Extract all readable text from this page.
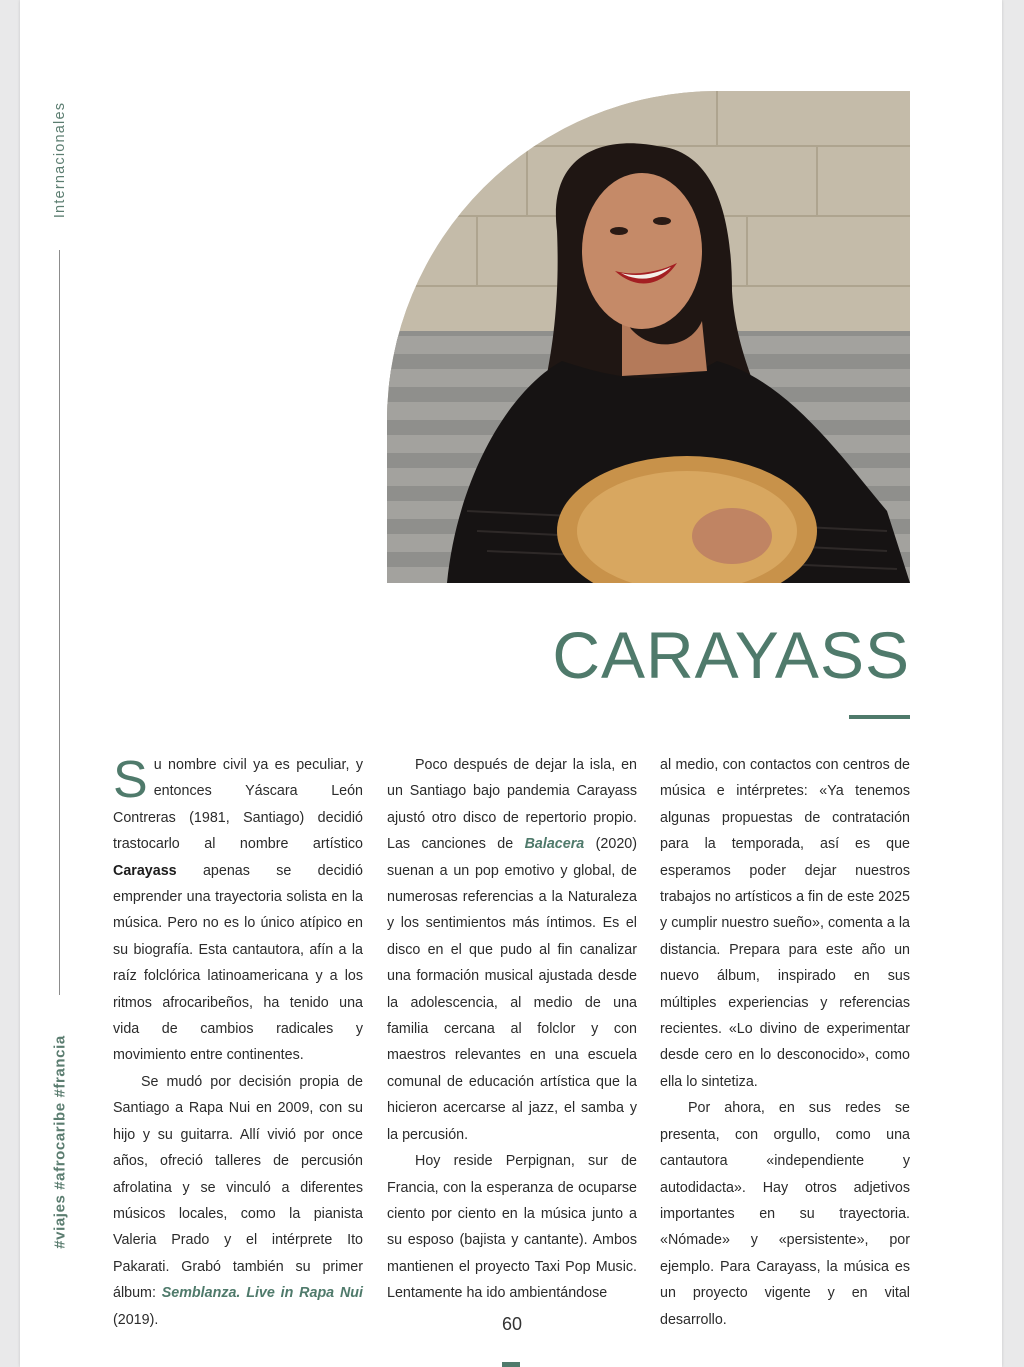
Internacionales
#viajes #afrocaribe #francia
CARAYASS

Su nombre civil ya es peculiar, y entonces Yáscara León Contreras (1981, Santiago) decidió trastocarlo al nombre artístico Carayass apenas se decidió emprender una trayectoria solista en la música. Pero no es lo único atípico en su biografía. Esta cantautora, afín a la raíz folclórica latinoamericana y a los ritmos afrocaribeños, ha tenido una vida de cambios radicales y movimiento entre continentes.

Se mudó por decisión propia de Santiago a Rapa Nui en 2009, con su hijo y su guitarra. Allí vivió por once años, ofreció talleres de percusión afrolatina y se vinculó a diferentes músicos locales, como la pianista Valeria Prado y el intérprete Ito Pakarati. Grabó también su primer álbum: Semblanza. Live in Rapa Nui (2019).

Poco después de dejar la isla, en un Santiago bajo pandemia Carayass ajustó otro disco de repertorio propio. Las canciones de Balacera (2020) suenan a un pop emotivo y global, de numerosas referencias a la Naturaleza y los sentimientos más íntimos. Es el disco en el que pudo al fin canalizar una formación musical ajustada desde la adolescencia, al medio de una familia cercana al folclor y con maestros relevantes en una escuela comunal de educación artística que la hicieron acercarse al jazz, el samba y la percusión.

Hoy reside Perpignan, sur de Francia, con la esperanza de ocuparse ciento por ciento en la música junto a su esposo (bajista y cantante). Ambos mantienen el proyecto Taxi Pop Music. Lentamente ha ido ambientándose

al medio, con contactos con centros de música e intérpretes: «Ya tenemos algunas propuestas de contratación para la temporada, así es que esperamos poder dejar nuestros trabajos no artísticos a fin de este 2025 y cumplir nuestro sueño», comenta a la distancia. Prepara para este año un nuevo álbum, inspirado en sus múltiples experiencias y referencias recientes. «Lo divino de experimentar desde cero en lo desconocido», como ella lo sintetiza.

Por ahora, en sus redes se presenta, con orgullo, como una cantautora «independiente y autodidacta». Hay otros adjetivos importantes en su trayectoria. «Nómade» y «persistente», por ejemplo. Para Carayass, la música es un proyecto vigente y en vital desarrollo.

60
